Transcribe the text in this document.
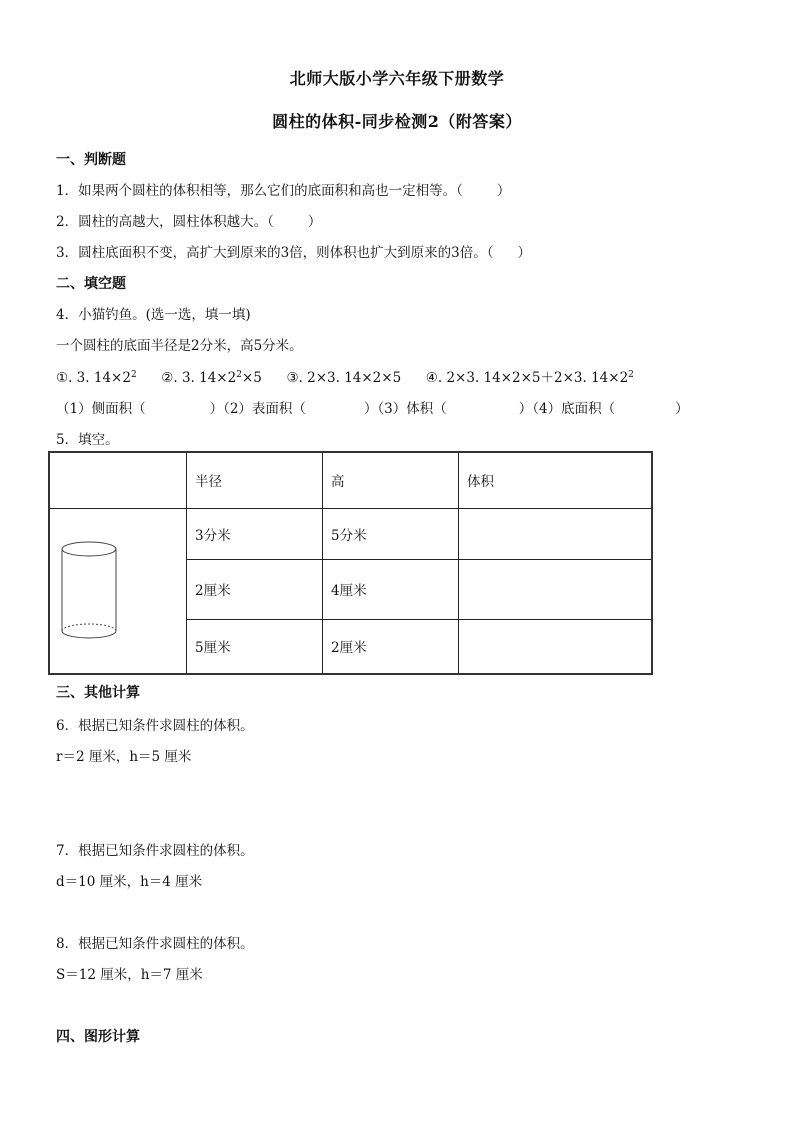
北师大版小学六年级下册数学
圆柱的体积-同步检测2（附答案）
一、判断题
1．如果两个圆柱的体积相等，那么它们的底面积和高也一定相等。（	）
2．圆柱的高越大，圆柱体积越大。（	）
3．圆柱底面积不变，高扩大到原来的3倍，则体积也扩大到原来的3倍。（ ）
二、填空题
4．小猫钓鱼。(选一选，填一填)
一个圆柱的底面半径是2分米，高5分米。
①. 3. $14\times 2^2$ ②. 3. $14\times 2^2\times 5$ ③. 2×3. 14×2×5 ④. 2×3. 14×2×5＋2×3. $14\times 2^2$
（1）侧面积（	）（2）表面积（	）（3）体积（	）（4）底面积（	）
5．填空。
	半径	高	体积
	3分米	5分米	
	2厘米	4厘米	
	5厘米	2厘米	
三、其他计算
6．根据已知条件求圆柱的体积。
r＝2 厘米，h＝5 厘米
7．根据已知条件求圆柱的体积。
d＝10 厘米，h＝4 厘米
8．根据已知条件求圆柱的体积。
S＝12 厘米，h＝7 厘米
四、图形计算
